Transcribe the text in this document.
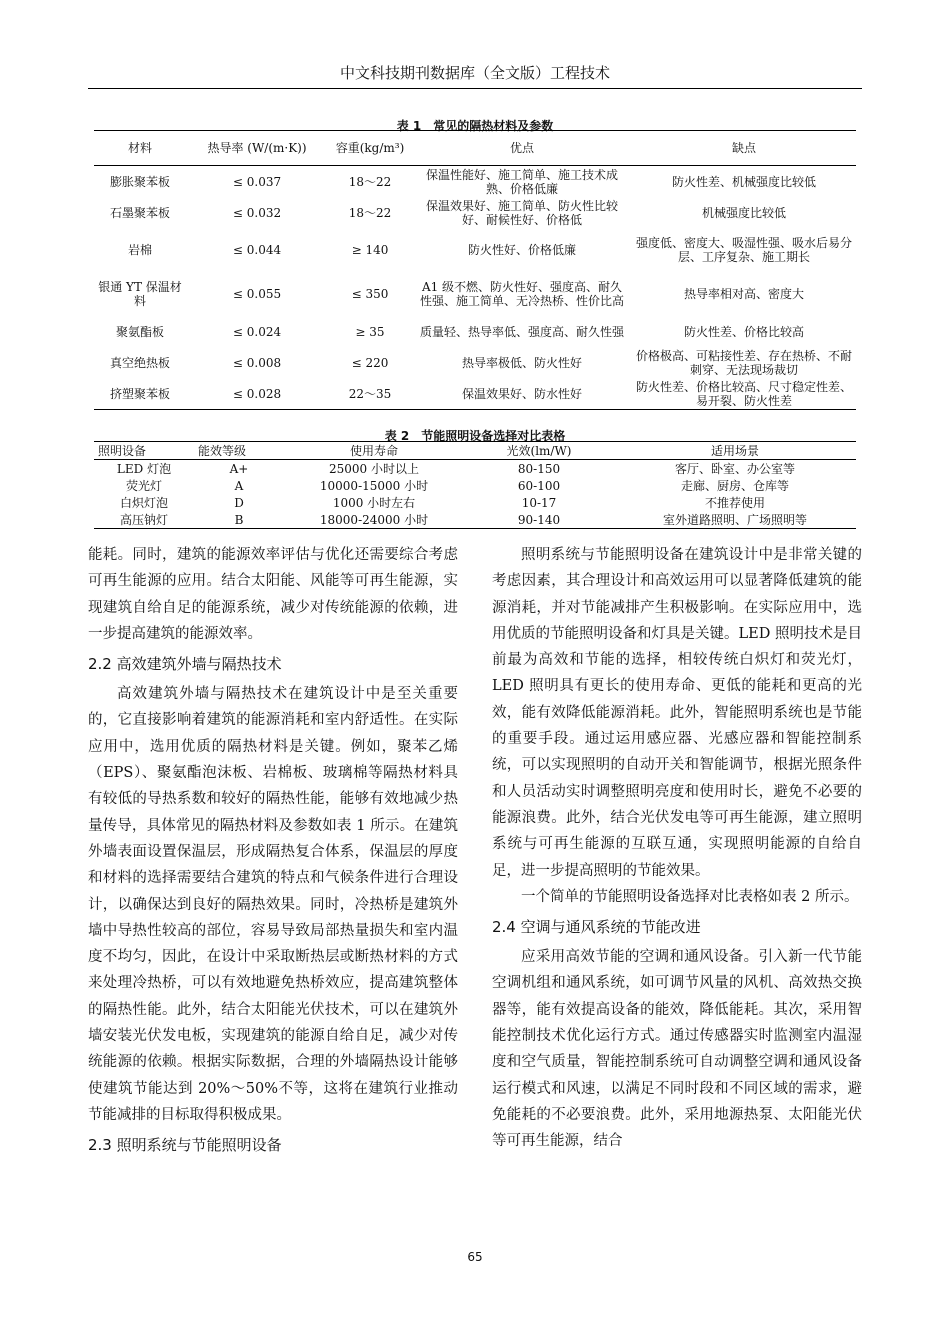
中文科技期刊数据库（全文版）工程技术
表 1　常见的隔热材料及参数
材料	热导率 (W/(m·K))	容重(kg/m³)	优点	缺点
膨胀聚苯板	≤ 0.037	18～22	保温性能好、施工简单、施工技术成熟、价格低廉	防火性差、机械强度比较低
石墨聚苯板	≤ 0.032	18～22	保温效果好、施工简单、防火性比较好、耐候性好、价格低	机械强度比较低
岩棉	≤ 0.044	≥ 140	防火性好、价格低廉	强度低、密度大、吸湿性强、吸水后易分层、工序复杂、施工期长
银通 YT 保温材料	≤ 0.055	≤ 350	A1 级不燃、防火性好、强度高、耐久性强、施工简单、无冷热桥、性价比高	热导率相对高、密度大
聚氨酯板	≤ 0.024	≥ 35	质量轻、热导率低、强度高、耐久性强	防火性差、价格比较高
真空绝热板	≤ 0.008	≤ 220	热导率极低、防火性好	价格极高、可粘接性差、存在热桥、不耐刺穿、无法现场裁切
挤塑聚苯板	≤ 0.028	22～35	保温效果好、防水性好	防火性差、价格比较高、尺寸稳定性差、易开裂、防火性差
表 2　节能照明设备选择对比表格
照明设备	能效等级	使用寿命	光效(lm/W)	适用场景
LED 灯泡	A+	25000 小时以上	80-150	客厅、卧室、办公室等
荧光灯	A	10000-15000 小时	60-100	走廊、厨房、仓库等
白炽灯泡	D	1000 小时左右	10-17	不推荐使用
高压钠灯	B	18000-24000 小时	90-140	室外道路照明、广场照明等

能耗。同时，建筑的能源效率评估与优化还需要综合考虑可再生能源的应用。结合太阳能、风能等可再生能源，实现建筑自给自足的能源系统，减少对传统能源的依赖，进一步提高建筑的能源效率。

2.2 高效建筑外墙与隔热技术

高效建筑外墙与隔热技术在建筑设计中是至关重要的，它直接影响着建筑的能源消耗和室内舒适性。在实际应用中，选用优质的隔热材料是关键。例如，聚苯乙烯（EPS）、聚氨酯泡沫板、岩棉板、玻璃棉等隔热材料具有较低的导热系数和较好的隔热性能，能够有效地减少热量传导，具体常见的隔热材料及参数如表 1 所示。在建筑外墙表面设置保温层，形成隔热复合体系，保温层的厚度和材料的选择需要结合建筑的特点和气候条件进行合理设计，以确保达到良好的隔热效果。同时，冷热桥是建筑外墙中导热性较高的部位，容易导致局部热量损失和室内温度不均匀，因此，在设计中采取断热层或断热材料的方式来处理冷热桥，可以有效地避免热桥效应，提高建筑整体的隔热性能。此外，结合太阳能光伏技术，可以在建筑外墙安装光伏发电板，实现建筑的能源自给自足，减少对传统能源的依赖。根据实际数据，合理的外墙隔热设计能够使建筑节能达到 20%～50%不等，这将在建筑行业推动节能减排的目标取得积极成果。

2.3 照明系统与节能照明设备

照明系统与节能照明设备在建筑设计中是非常关键的考虑因素，其合理设计和高效运用可以显著降低建筑的能源消耗，并对节能减排产生积极影响。在实际应用中，选用优质的节能照明设备和灯具是关键。LED 照明技术是目前最为高效和节能的选择，相较传统白炽灯和荧光灯，LED 照明具有更长的使用寿命、更低的能耗和更高的光效，能有效降低能源消耗。此外，智能照明系统也是节能的重要手段。通过运用感应器、光感应器和智能控制系统，可以实现照明的自动开关和智能调节，根据光照条件和人员活动实时调整照明亮度和使用时长，避免不必要的能源浪费。此外，结合光伏发电等可再生能源，建立照明系统与可再生能源的互联互通，实现照明能源的自给自足，进一步提高照明的节能效果。

一个简单的节能照明设备选择对比表格如表 2 所示。

2.4 空调与通风系统的节能改进

应采用高效节能的空调和通风设备。引入新一代节能空调机组和通风系统，如可调节风量的风机、高效热交换器等，能有效提高设备的能效，降低能耗。其次，采用智能控制技术优化运行方式。通过传感器实时监测室内温湿度和空气质量，智能控制系统可自动调整空调和通风设备运行模式和风速，以满足不同时段和不同区域的需求，避免能耗的不必要浪费。此外，采用地源热泵、太阳能光伏等可再生能源，结合

65
